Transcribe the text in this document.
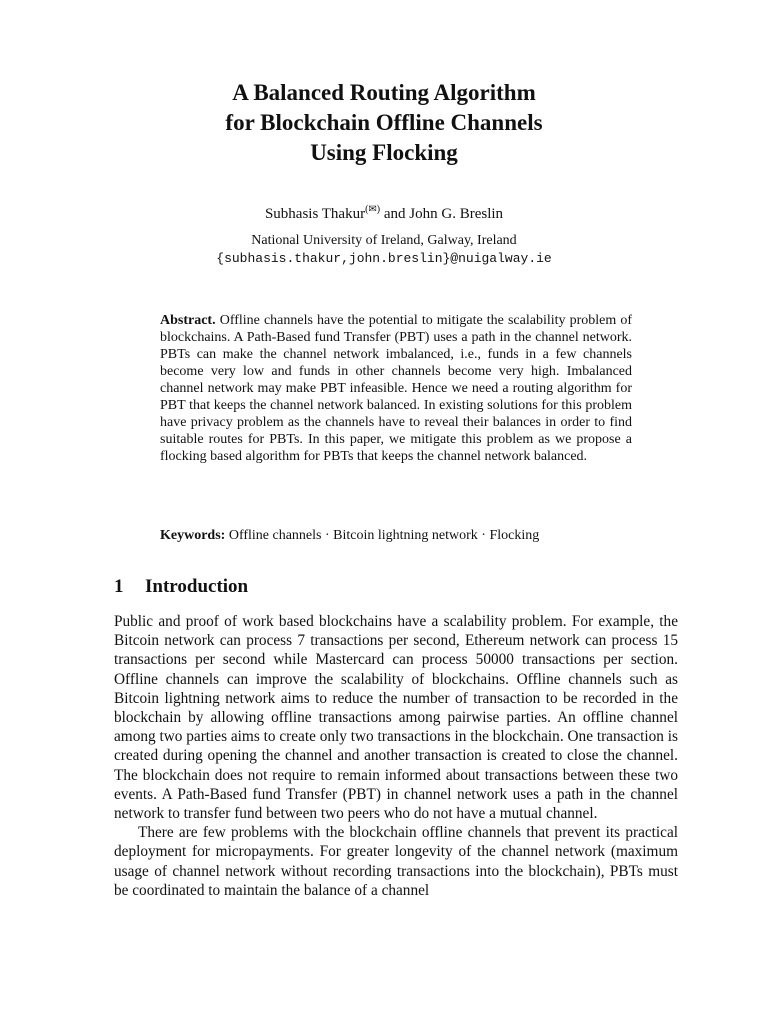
A Balanced Routing Algorithm
for Blockchain Offline Channels
Using Flocking
Subhasis Thakur(✉) and John G. Breslin
National University of Ireland, Galway, Ireland
{subhasis.thakur,john.breslin}@nuigalway.ie
Abstract. Offline channels have the potential to mitigate the scalability problem of blockchains. A Path-Based fund Transfer (PBT) uses a path in the channel network. PBTs can make the channel network imbalanced, i.e., funds in a few channels become very low and funds in other channels become very high. Imbalanced channel network may make PBT infeasible. Hence we need a routing algorithm for PBT that keeps the channel network balanced. In existing solutions for this problem have privacy problem as the channels have to reveal their balances in order to find suitable routes for PBTs. In this paper, we mitigate this problem as we propose a flocking based algorithm for PBTs that keeps the channel network balanced.
Keywords: Offline channels · Bitcoin lightning network · Flocking
1 Introduction

Public and proof of work based blockchains have a scalability problem. For example, the Bitcoin network can process 7 transactions per second, Ethereum network can process 15 transactions per second while Mastercard can process 50000 transactions per section. Offline channels can improve the scalability of blockchains. Offline channels such as Bitcoin lightning network aims to reduce the number of transaction to be recorded in the blockchain by allowing offline transactions among pairwise parties. An offline channel among two parties aims to create only two transactions in the blockchain. One transaction is created during opening the channel and another transaction is created to close the channel. The blockchain does not require to remain informed about transactions between these two events. A Path-Based fund Transfer (PBT) in channel network uses a path in the channel network to transfer fund between two peers who do not have a mutual channel.

There are few problems with the blockchain offline channels that prevent its practical deployment for micropayments. For greater longevity of the channel network (maximum usage of channel network without recording transactions into the blockchain), PBTs must be coordinated to maintain the balance of a channel
